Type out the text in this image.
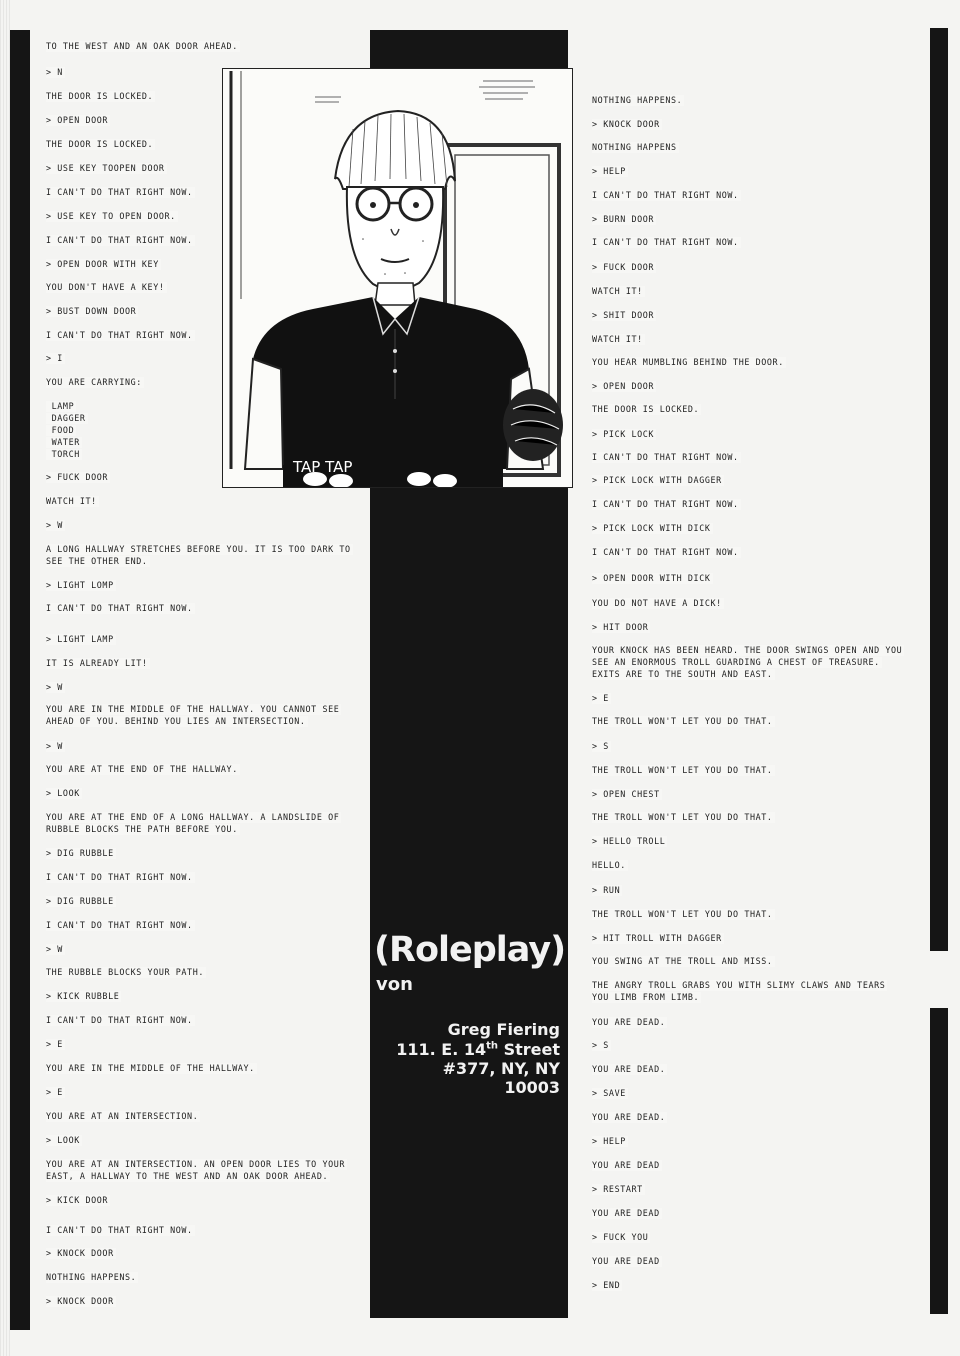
TO THE WEST AND AN OAK DOOR AHEAD.
> N
THE DOOR IS LOCKED.
> OPEN DOOR
THE DOOR IS LOCKED.
> USE KEY TOOPEN DOOR
I CAN'T DO THAT RIGHT NOW.
> USE KEY TO OPEN DOOR.
I CAN'T DO THAT RIGHT NOW.
> OPEN DOOR WITH KEY
YOU DON'T HAVE A KEY!
> BUST DOWN DOOR
I CAN'T DO THAT RIGHT NOW.
> I
YOU ARE CARRYING:
LAMP
DAGGER
FOOD
WATER
TORCH
> FUCK DOOR
WATCH IT!
> W
A LONG HALLWAY STRETCHES BEFORE YOU. IT IS TOO DARK TO
SEE THE OTHER END.
> LIGHT LOMP
I CAN'T DO THAT RIGHT NOW.
> LIGHT LAMP
IT IS ALREADY LIT!
> W
YOU ARE IN THE MIDDLE OF THE HALLWAY. YOU CANNOT SEE
AHEAD OF YOU. BEHIND YOU LIES AN INTERSECTION.
> W
YOU ARE AT THE END OF THE HALLWAY.
> LOOK
YOU ARE AT THE END OF A LONG HALLWAY. A LANDSLIDE OF
RUBBLE BLOCKS THE PATH BEFORE YOU.
> DIG RUBBLE
I CAN'T DO THAT RIGHT NOW.
> DIG RUBBLE
I CAN'T DO THAT RIGHT NOW.
> W
THE RUBBLE BLOCKS YOUR PATH.
> KICK RUBBLE
I CAN'T DO THAT RIGHT NOW.
> E
YOU ARE IN THE MIDDLE OF THE HALLWAY.
> E
YOU ARE AT AN INTERSECTION.
> LOOK
YOU ARE AT AN INTERSECTION. AN OPEN DOOR LIES TO YOUR
EAST, A HALLWAY TO THE WEST AND AN OAK DOOR AHEAD.
> KICK DOOR
I CAN'T DO THAT RIGHT NOW.
> KNOCK DOOR
NOTHING HAPPENS.
> KNOCK DOOR
NOTHING HAPPENS.
> KNOCK DOOR
NOTHING HAPPENS
> HELP
I CAN'T DO THAT RIGHT NOW.
> BURN DOOR
I CAN'T DO THAT RIGHT NOW.
> FUCK DOOR
WATCH IT!
> SHIT DOOR
WATCH IT!
YOU HEAR MUMBLING BEHIND THE DOOR.
> OPEN DOOR
THE DOOR IS LOCKED.
> PICK LOCK
I CAN'T DO THAT RIGHT NOW.
> PICK LOCK WITH DAGGER
I CAN'T DO THAT RIGHT NOW.
> PICK LOCK WITH DICK
I CAN'T DO THAT RIGHT NOW.
> OPEN DOOR WITH DICK
YOU DO NOT HAVE A DICK!
> HIT DOOR
YOUR KNOCK HAS BEEN HEARD. THE DOOR SWINGS OPEN AND YOU
SEE AN ENORMOUS TROLL GUARDING A CHEST OF TREASURE.
EXITS ARE TO THE SOUTH AND EAST.
> E
THE TROLL WON'T LET YOU DO THAT.
> S
THE TROLL WON'T LET YOU DO THAT.
> OPEN CHEST
THE TROLL WON'T LET YOU DO THAT.
> HELLO TROLL
HELLO.
> RUN
THE TROLL WON'T LET YOU DO THAT.
> HIT TROLL WITH DAGGER
YOU SWING AT THE TROLL AND MISS.
THE ANGRY TROLL GRABS YOU WITH SLIMY CLAWS AND TEARS
YOU LIMB FROM LIMB.
YOU ARE DEAD.
> S
YOU ARE DEAD.
> SAVE
YOU ARE DEAD.
> HELP
YOU ARE DEAD
> RESTART
YOU ARE DEAD
> FUCK YOU
YOU ARE DEAD
> END
TAP TAP
(Roleplay)
von
Greg Fiering
111. E. 14th Street
#377, NY, NY
10003
